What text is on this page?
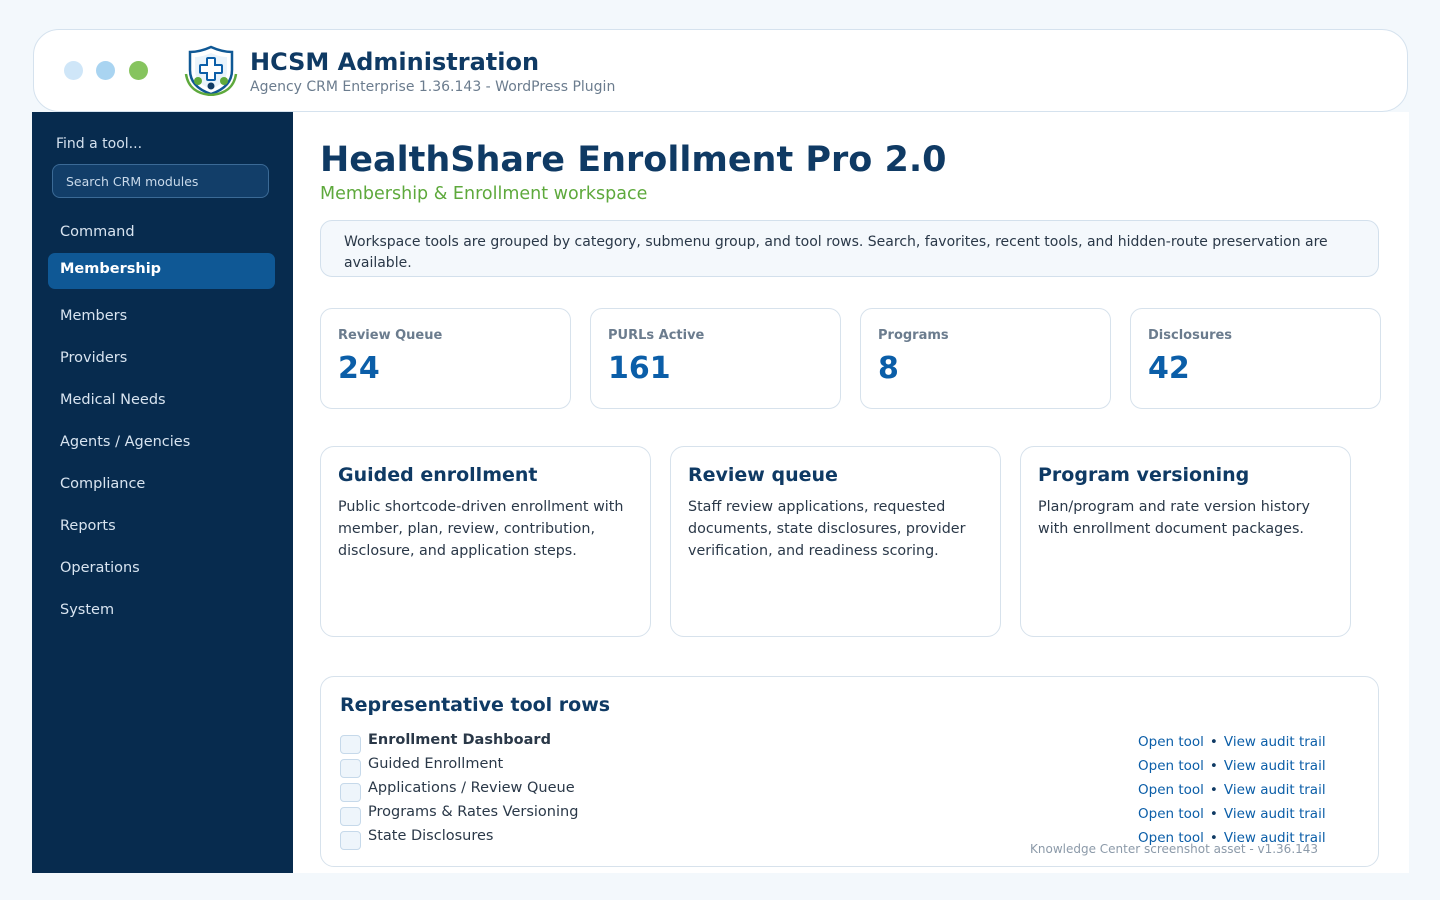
HCSM Administration
Agency CRM Enterprise 1.36.143 - WordPress Plugin
Find a tool...
Search CRM modules
Command
Membership
Members
Providers
Medical Needs
Agents / Agencies
Compliance
Reports
Operations
System
HealthShare Enrollment Pro 2.0
Membership & Enrollment workspace
Workspace tools are grouped by category, submenu group, and tool rows. Search, favorites, recent tools, and hidden-route preservation are available.
Review Queue
24
PURLs Active
161
Programs
8
Disclosures
42
Guided enrollment
Public shortcode-driven enrollment with member, plan, review, contribution, disclosure, and application steps.
Review queue
Staff review applications, requested documents, state disclosures, provider verification, and readiness scoring.
Program versioning
Plan/program and rate version history with enrollment document packages.
Representative tool rows
Enrollment Dashboard	Open tool • View audit trail
Guided Enrollment	Open tool • View audit trail
Applications / Review Queue	Open tool • View audit trail
Programs & Rates Versioning	Open tool • View audit trail
State Disclosures	Open tool • View audit trail
Knowledge Center screenshot asset - v1.36.143
